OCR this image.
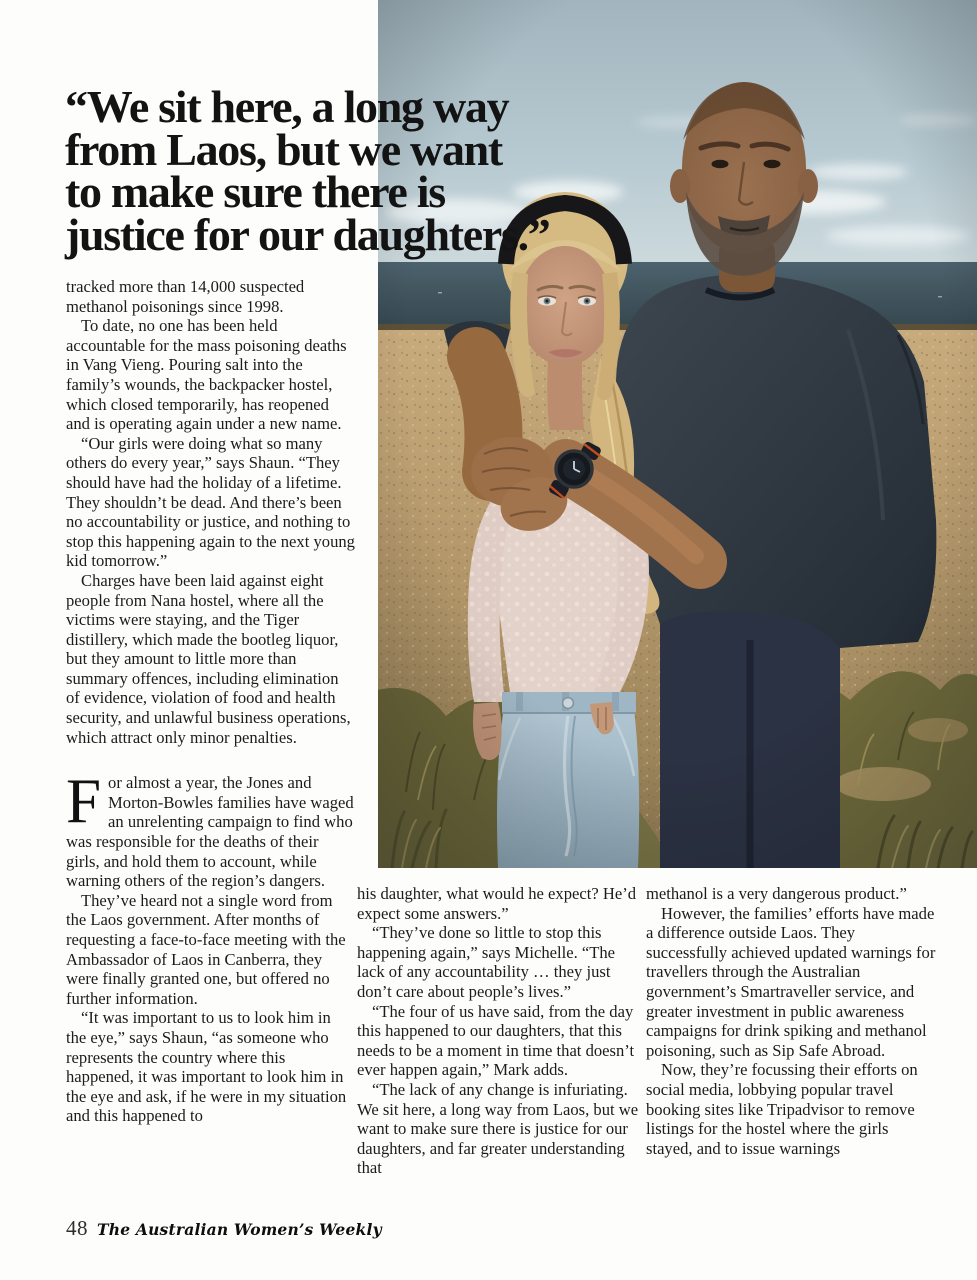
“We sit here, a long way
from Laos, but we want
to make sure there is
justice for our daughters.”

tracked more than 14,000 suspected methanol poisonings since 1998.

To date, no one has been held accountable for the mass poisoning deaths in Vang Vieng. Pouring salt into the family’s wounds, the backpacker hostel, which closed temporarily, has reopened and is operating again under a new name.

“Our girls were doing what so many others do every year,” says Shaun. “They should have had the holiday of a lifetime. They shouldn’t be dead. And there’s been no accountability or justice, and nothing to stop this happening again to the next young kid tomorrow.”

Charges have been laid against eight people from Nana hostel, where all the victims were staying, and the Tiger distillery, which made the bootleg liquor, but they amount to little more than summary offences, including elimination of evidence, violation of food and health security, and unlawful business operations, which attract only minor penalties.

For almost a year, the Jones and Morton-Bowles families have waged an unrelenting campaign to find who was responsible for the deaths of their girls, and hold them to account, while warning others of the region’s dangers.

They’ve heard not a single word from the Laos government. After months of requesting a face-to-face meeting with the Ambassador of Laos in Canberra, they were finally granted one, but offered no further information.

“It was important to us to look him in the eye,” says Shaun, “as someone who represents the country where this happened, it was important to look him in the eye and ask, if he were in my situation and this happened to

his daughter, what would he expect? He’d expect some answers.”

“They’ve done so little to stop this happening again,” says Michelle. “The lack of any accountability … they just don’t care about people’s lives.”

“The four of us have said, from the day this happened to our daughters, that this needs to be a moment in time that doesn’t ever happen again,” Mark adds.

“The lack of any change is infuriating. We sit here, a long way from Laos, but we want to make sure there is justice for our daughters, and far greater understanding that

methanol is a very dangerous product.”

However, the families’ efforts have made a difference outside Laos. They successfully achieved updated warnings for travellers through the Australian government’s Smartraveller service, and greater investment in public awareness campaigns for drink spiking and methanol poisoning, such as Sip Safe Abroad.

Now, they’re focussing their efforts on social media, lobbying popular travel booking sites like Tripadvisor to remove listings for the hostel where the girls stayed, and to issue warnings

48 The Australian Women’s Weekly
